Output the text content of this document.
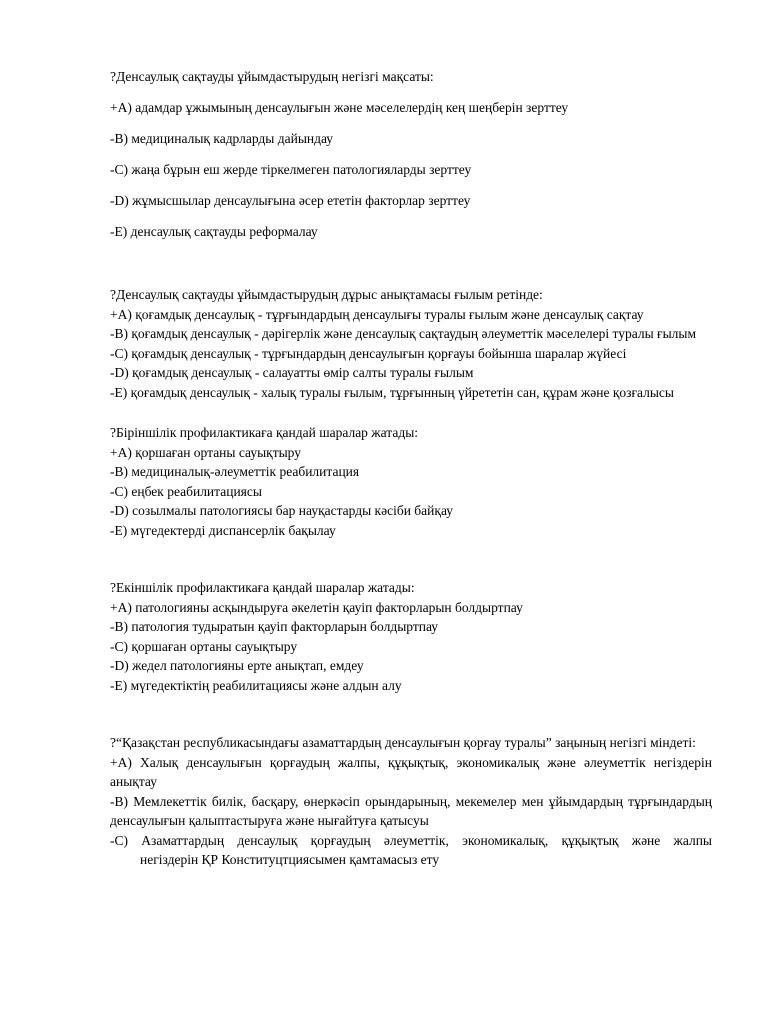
?Денсаулық сақтауды ұйымдастырудың негізгі мақсаты:

+А) адамдар ұжымының денсаулығын және мәселелердің кең шеңберін зерттеу

-В) медициналық кадрларды дайындау

-С) жаңа бұрын еш жерде тіркелмеген патологияларды зерттеу

-D) жұмысшылар денсаулығына әсер ететін факторлар зерттеу

-Е) денсаулық сақтауды реформалау

?Денсаулық сақтауды ұйымдастырудың дұрыс анықтамасы ғылым ретінде:

+А) қоғамдық денсаулық - тұрғындардың денсаулығы туралы ғылым және денсаулық сақтау

-В) қоғамдық денсаулық - дәрігерлік және денсаулық сақтаудың әлеуметтік мәселелері туралы ғылым

-С) қоғамдық денсаулық - тұрғындардың денсаулығын қорғауы бойынша шаралар жүйесі

-D) қоғамдық денсаулық - салауатты өмір салты туралы ғылым

-Е) қоғамдық денсаулық - халық туралы ғылым, тұрғынның үйрететін сан, құрам және қозғалысы

?Біріншілік профилактикаға қандай шаралар жатады:

+А) қоршаған ортаны сауықтыру

-В) медициналық-әлеуметтік реабилитация

-С) еңбек реабилитациясы

-D) созылмалы патологиясы бар науқастарды кәсіби байқау

-Е) мүгедектерді диспансерлік бақылау

?Екіншілік профилактикаға қандай шаралар жатады:

+А) патологияны асқындыруға әкелетін қауіп факторларын болдыртпау

-В) патология тудыратын қауіп факторларын болдыртпау

-С) қоршаған ортаны сауықтыру

-D) жедел патологияны ерте анықтап, емдеу

-Е) мүгедектіктің реабилитациясы және алдын алу

?“Қазақстан республикасындағы азаматтардың денсаулығын қорғау туралы” заңының негізгі міндеті:

+А) Халық денсаулығын қорғаудың жалпы, құқықтық, экономикалық және әлеуметтік негіздерін анықтау

-В) Мемлекеттік билік, басқару, өнеркәсіп орындарының, мекемелер мен ұйымдардың тұрғындардың денсаулығын қалыптастыруға және нығайтуға қатысуы

-С) Азаматтардың денсаулық қорғаудың әлеуметтік, экономикалық, құқықтық және жалпы

негіздерін ҚР Конституцтциясымен қамтамасыз ету
